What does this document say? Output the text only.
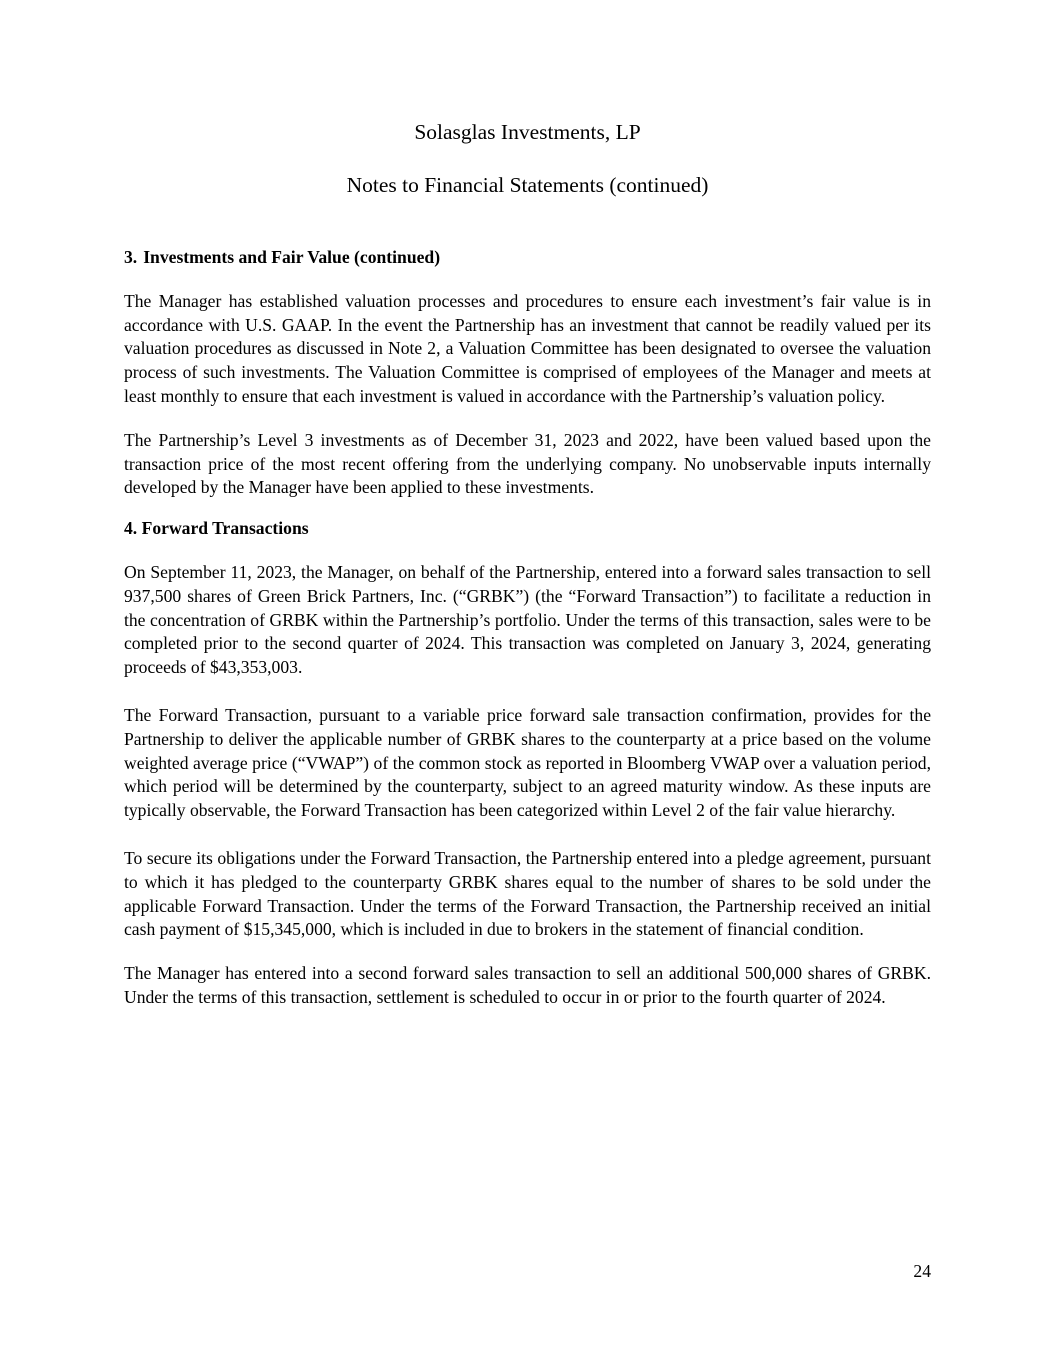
Solasglas Investments, LP
Notes to Financial Statements (continued)
3. Investments and Fair Value (continued)

The Manager has established valuation processes and procedures to ensure each investment’s fair value is in accordance with U.S. GAAP. In the event the Partnership has an investment that cannot be readily valued per its valuation procedures as discussed in Note 2, a Valuation Committee has been designated to oversee the valuation process of such investments. The Valuation Committee is comprised of employees of the Manager and meets at least monthly to ensure that each investment is valued in accordance with the Partnership’s valuation policy.

The Partnership’s Level 3 investments as of December 31, 2023 and 2022, have been valued based upon the transaction price of the most recent offering from the underlying company. No unobservable inputs internally developed by the Manager have been applied to these investments.

4. Forward Transactions

On September 11, 2023, the Manager, on behalf of the Partnership, entered into a forward sales transaction to sell 937,500 shares of Green Brick Partners, Inc. (“GRBK”) (the “Forward Transaction”) to facilitate a reduction in the concentration of GRBK within the Partnership’s portfolio. Under the terms of this transaction, sales were to be completed prior to the second quarter of 2024. This transaction was completed on January 3, 2024, generating proceeds of $43,353,003.

The Forward Transaction, pursuant to a variable price forward sale transaction confirmation, provides for the Partnership to deliver the applicable number of GRBK shares to the counterparty at a price based on the volume weighted average price (“VWAP”) of the common stock as reported in Bloomberg VWAP over a valuation period, which period will be determined by the counterparty, subject to an agreed maturity window. As these inputs are typically observable, the Forward Transaction has been categorized within Level 2 of the fair value hierarchy.

To secure its obligations under the Forward Transaction, the Partnership entered into a pledge agreement, pursuant to which it has pledged to the counterparty GRBK shares equal to the number of shares to be sold under the applicable Forward Transaction. Under the terms of the Forward Transaction, the Partnership received an initial cash payment of $15,345,000, which is included in due to brokers in the statement of financial condition.

The Manager has entered into a second forward sales transaction to sell an additional 500,000 shares of GRBK. Under the terms of this transaction, settlement is scheduled to occur in or prior to the fourth quarter of 2024.

24
